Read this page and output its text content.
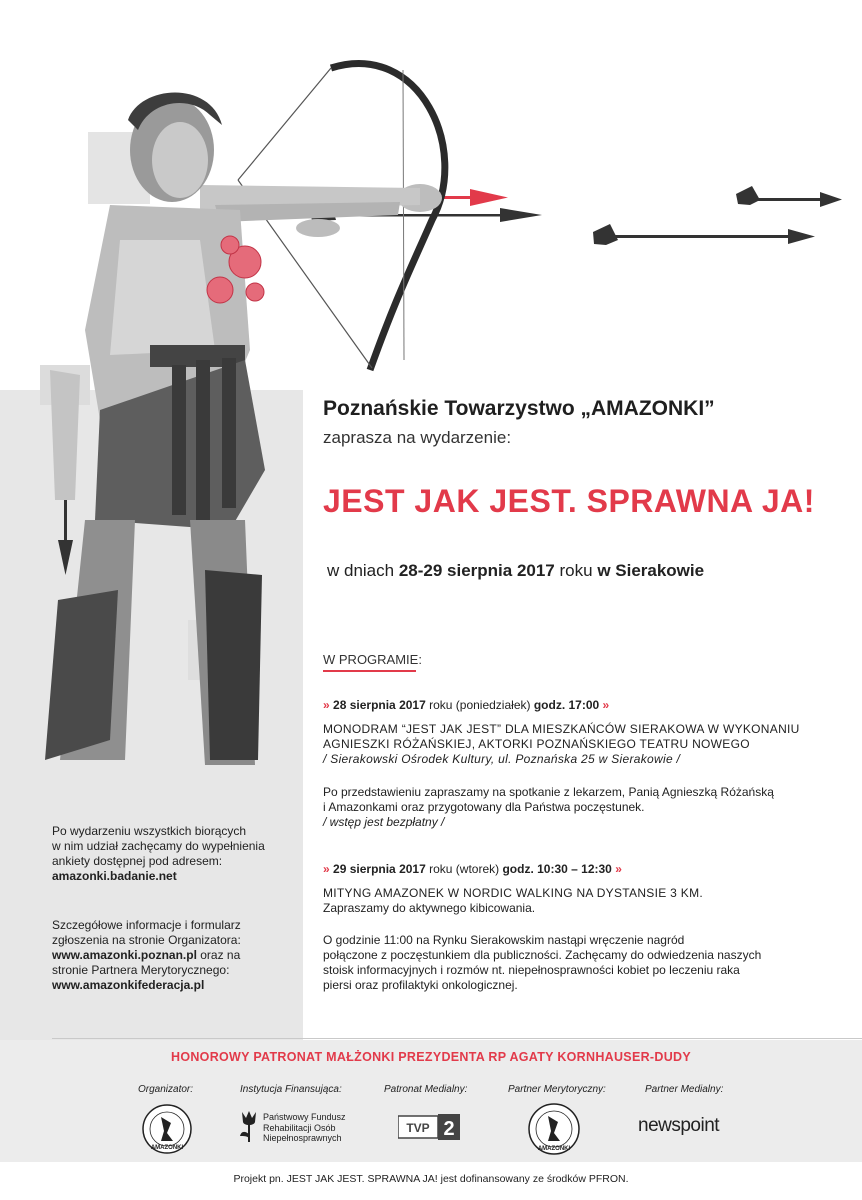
Poznańskie Towarzystwo „AMAZONKI”
zaprasza na wydarzenie:
JEST JAK JEST. SPRAWNA JA!
w dniach 28-29 sierpnia 2017 roku w Sierakowie
W PROGRAMIE:
» 28 sierpnia 2017 roku (poniedziałek) godz. 17:00 »
MONODRAM “JEST JAK JEST” DLA MIESZKAŃCÓW SIERAKOWA W WYKONANIU
AGNIESZKI RÓŻAŃSKIEJ, AKTORKI POZNAŃSKIEGO TEATRU NOWEGO
/ Sierakowski Ośrodek Kultury, ul. Poznańska 25 w Sierakowie /
Po przedstawieniu zapraszamy na spotkanie z lekarzem, Panią Agnieszką Różańską
i Amazonkami oraz przygotowany dla Państwa poczęstunek.
/ wstęp jest bezpłatny /
» 29 sierpnia 2017 roku (wtorek) godz. 10:30 – 12:30 »
MITYNG AMAZONEK W NORDIC WALKING NA DYSTANSIE 3 KM.
Zapraszamy do aktywnego kibicowania.
O godzinie 11:00 na Rynku Sierakowskim nastąpi wręczenie nagród
połączone z poczęstunkiem dla publiczności. Zachęcamy do odwiedzenia naszych
stoisk informacyjnych i rozmów nt. niepełnosprawności kobiet po leczeniu raka
piersi oraz profilaktyki onkologicznej.
Po wydarzeniu wszystkich biorących
w nim udział zachęcamy do wypełnienia
ankiety dostępnej pod adresem:
amazonki.badanie.net
Szczegółowe informacje i formularz
zgłoszenia na stronie Organizatora:
www.amazonki.poznan.pl oraz na
stronie Partnera Merytorycznego:
www.amazonkifederacja.pl
HONOROWY PATRONAT MAŁŻONKI PREZYDENTA RP AGATY KORNHAUSER-DUDY
Organizator:	Instytucja Finansująca:	Patronat Medialny:	Partner Merytoryczny:	Partner Medialny:
AMAZONKI
Państwowy Fundusz
Rehabilitacji Osób
Niepełnosprawnych
TVP 2
AMAZONKI
newspoint
Projekt pn. JEST JAK JEST. SPRAWNA JA! jest dofinansowany ze środków PFRON.
